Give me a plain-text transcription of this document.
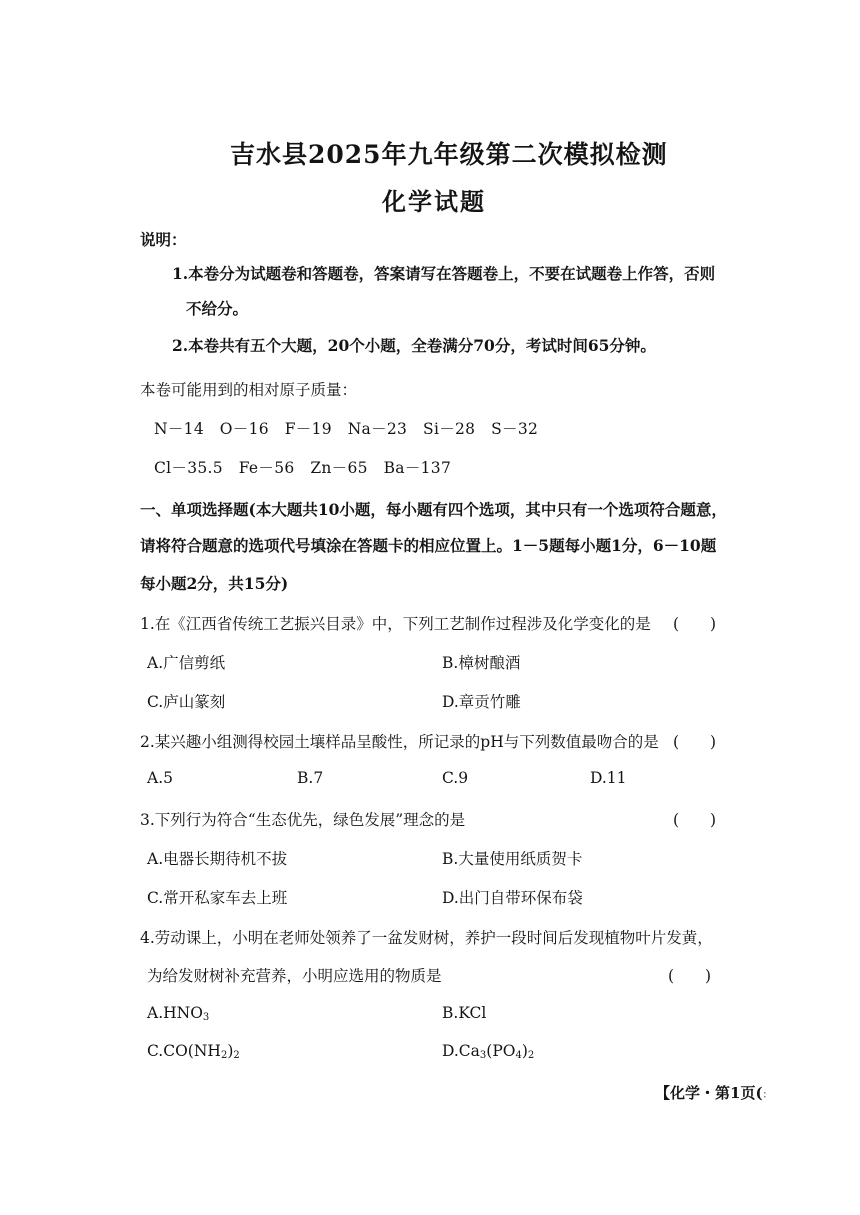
吉水县2025年九年级第二次模拟检测
化学试题
说明：
1.本卷分为试题卷和答题卷，答案请写在答题卷上，不要在试题卷上作答，否则
不给分。
2.本卷共有五个大题，20个小题，全卷满分70分，考试时间65分钟。
本卷可能用到的相对原子质量：
N－14　O－16　F－19　Na－23　Si－28　S－32
Cl－35.5　Fe－56　Zn－65　Ba－137
一、单项选择题(本大题共10小题，每小题有四个选项，其中只有一个选项符合题意，
请将符合题意的选项代号填涂在答题卡的相应位置上。1－5题每小题1分，6－10题
每小题2分，共15分)
1.在《江西省传统工艺振兴目录》中，下列工艺制作过程涉及化学变化的是 (　　)
A.广信剪纸	B.樟树酿酒
C.庐山篆刻	D.章贡竹雕
2.某兴趣小组测得校园土壤样品呈酸性，所记录的pH与下列数值最吻合的是 (　　)
A.5	B.7	C.9	D.11
3.下列行为符合“生态优先，绿色发展”理念的是	(　　)
A.电器长期待机不拔	B.大量使用纸质贺卡
C.常开私家车去上班	D.出门自带环保布袋
4.劳动课上，小明在老师处领养了一盆发财树，养护一段时间后发现植物叶片发黄，
为给发财树补充营养，小明应选用的物质是	(　　)
$A.HNO_3$	B.KCl
$C.CO(NH_2)_2$	$D.Ca_3(PO_4)_2$
【化学・第1页(：
